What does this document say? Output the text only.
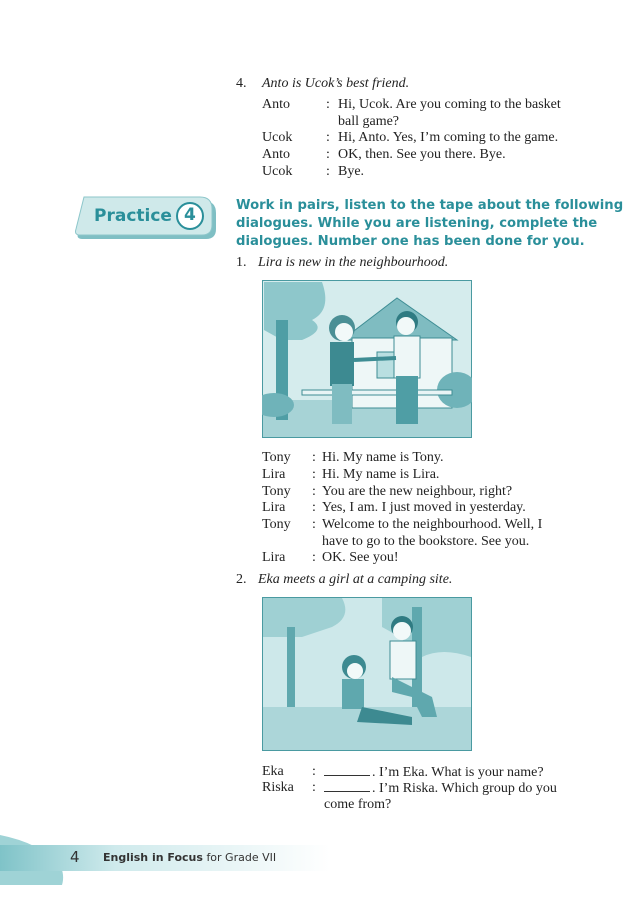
4. Anto is Ucok’s best friend.
Anto	: Hi, Ucok. Are you coming to the basket
ball game?
Ucok	: Hi, Anto. Yes, I’m coming to the game.
Anto	: OK, then. See you there. Bye.
Ucok	: Bye.
Practice 4	Work in pairs, listen to the tape about the following
dialogues. While you are listening, complete the
dialogues. Number one has been done for you.
1. Lira is new in the neighbourhood.
Tony	: Hi. My name is Tony.
Lira	: Hi. My name is Lira.
Tony	: You are the new neighbour, right?
Lira	: Yes, I am. I just moved in yesterday.
Tony	: Welcome to the neighbourhood. Well, I
have to go to the bookstore. See you.
Lira	: OK. See you!
2. Eka meets a girl at a camping site.
Eka	:	. I’m Eka. What is your name?
Riska	:	. I’m Riska. Which group do you
come from?
4 English in Focus for Grade VII
